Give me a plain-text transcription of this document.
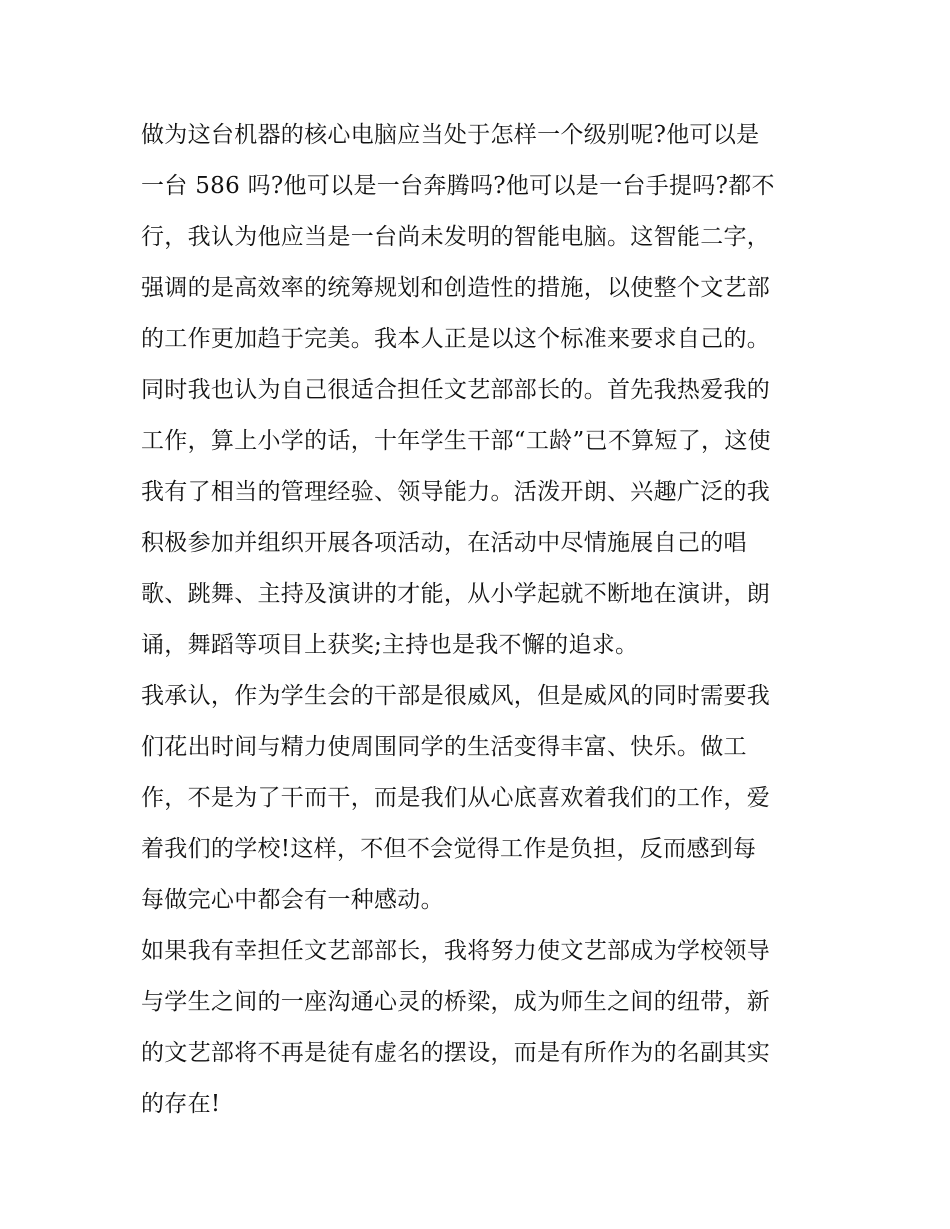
做为这台机器的核心电脑应当处于怎样一个级别呢?他可以是
一台 586 吗?他可以是一台奔腾吗?他可以是一台手提吗?都不
行，我认为他应当是一台尚未发明的智能电脑。这智能二字，
强调的是高效率的统筹规划和创造性的措施，以使整个文艺部
的工作更加趋于完美。我本人正是以这个标准来要求自己的。
同时我也认为自己很适合担任文艺部部长的。首先我热爱我的
工作，算上小学的话，十年学生干部“工龄”已不算短了，这使
我有了相当的管理经验、领导能力。活泼开朗、兴趣广泛的我
积极参加并组织开展各项活动，在活动中尽情施展自己的唱
歌、跳舞、主持及演讲的才能，从小学起就不断地在演讲，朗
诵，舞蹈等项目上获奖;主持也是我不懈的追求。
我承认，作为学生会的干部是很威风，但是威风的同时需要我
们花出时间与精力使周围同学的生活变得丰富、快乐。做工
作，不是为了干而干，而是我们从心底喜欢着我们的工作，爱
着我们的学校!这样，不但不会觉得工作是负担，反而感到每
每做完心中都会有一种感动。
如果我有幸担任文艺部部长，我将努力使文艺部成为学校领导
与学生之间的一座沟通心灵的桥梁，成为师生之间的纽带，新
的文艺部将不再是徒有虚名的摆设，而是有所作为的名副其实
的存在!
